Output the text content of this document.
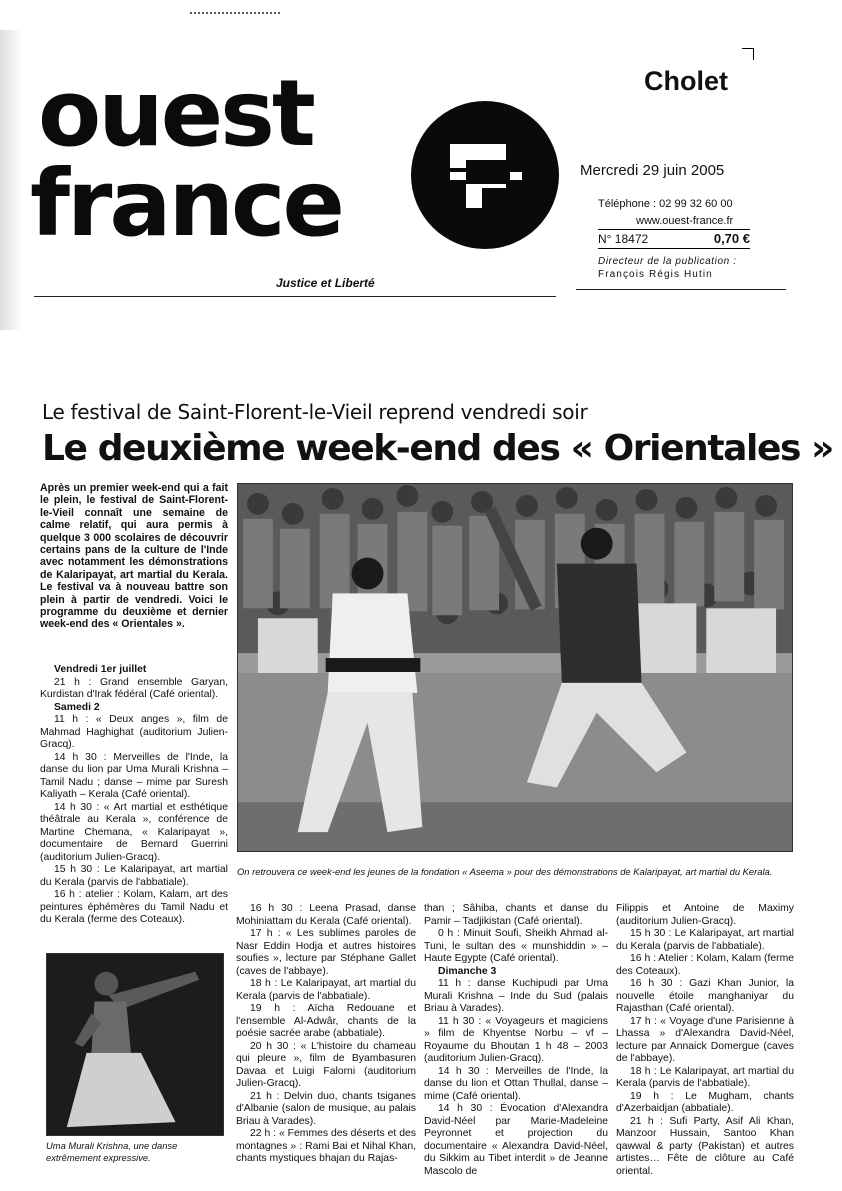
ouest
france
Justice et Liberté
Cholet
Mercredi 29 juin 2005
Téléphone : 02 99 32 60 00
www.ouest-france.fr
N° 18472	0,70 €
Directeur de la publication :
François Régis Hutin
Le festival de Saint-Florent-le-Vieil reprend vendredi soir
Le deuxième week-end des « Orientales »

Après un premier week-end qui a fait le plein, le festival de Saint-Florent-le-Vieil connaît une semaine de calme relatif, qui aura permis à quelque 3 000 scolaires de découvrir certains pans de la culture de l'Inde avec notamment les démonstrations de Kalaripayat, art martial du Kerala. Le festival va à nouveau battre son plein à partir de vendredi. Voici le programme du deuxième et dernier week-end des « Orientales ».

Vendredi 1er juillet
21 h : Grand ensemble Garyan, Kurdistan d'Irak fédéral (Café oriental).
Samedi 2
11 h : « Deux anges », film de Mahmad Haghighat (auditorium Julien-Gracq).
14 h 30 : Merveilles de l'Inde, la danse du lion par Uma Murali Krishna – Tamil Nadu ; danse – mime par Suresh Kaliyath – Kerala (Café oriental).
14 h 30 : « Art martial et esthétique théâtrale au Kerala », conférence de Martine Chemana, « Kalaripayat », documentaire de Bernard Guerrini (auditorium Julien-Gracq).
15 h 30 : Le Kalaripayat, art martial du Kerala (parvis de l'abbatiale).
16 h : atelier : Kolam, Kalam, art des peintures éphémères du Tamil Nadu et du Kerala (ferme des Coteaux).

On retrouvera ce week-end les jeunes de la fondation « Aseema » pour des démonstrations de Kalaripayat, art martial du Kerala.

Uma Murali Krishna, une danse extrêmement expressive.

16 h 30 : Leena Prasad, danse Mohiniattam du Kerala (Café oriental).
17 h : « Les sublimes paroles de Nasr Eddin Hodja et autres histoires soufies », lecture par Stéphane Gallet (caves de l'abbaye).
18 h : Le Kalaripayat, art martial du Kerala (parvis de l'abbatiale).
19 h : Aïcha Redouane et l'ensemble Al-Adwâr, chants de la poésie sacrée arabe (abbatiale).
20 h 30 : « L'histoire du chameau qui pleure », film de Byambasuren Davaa et Luigi Falorni (auditorium Julien-Gracq).
21 h : Delvin duo, chants tsiganes d'Albanie (salon de musique, au palais Briau à Varades).
22 h : « Femmes des déserts et des montagnes » : Rami Bai et Nihal Khan, chants mystiques bhajan du Rajas-
than ; Sâhiba, chants et danse du Pamir – Tadjikistan (Café oriental).
0 h : Minuit Soufi, Sheikh Ahmad al-Tuni, le sultan des « munshiddin » – Haute Egypte (Café oriental).
Dimanche 3
11 h : danse Kuchipudi par Uma Murali Krishna – Inde du Sud (palais Briau à Varades).
11 h 30 : « Voyageurs et magiciens » film de Khyentse Norbu – vf – Royaume du Bhoutan 1 h 48 – 2003 (auditorium Julien-Gracq).
14 h 30 : Merveilles de l'Inde, la danse du lion et Ottan Thullal, danse – mime (Café oriental).
14 h 30 : Évocation d'Alexandra David-Néel par Marie-Madeleine Peyronnet et projection du documentaire « Alexandra David-Néel, du Sikkim au Tibet interdit » de Jeanne Mascolo de
Filippis et Antoine de Maximy (auditorium Julien-Gracq).
15 h 30 : Le Kalaripayat, art martial du Kerala (parvis de l'abbatiale).
16 h : Atelier : Kolam, Kalam (ferme des Coteaux).
16 h 30 : Gazi Khan Junior, la nouvelle étoile manghaniyar du Rajasthan (Café oriental).
17 h : « Voyage d'une Parisienne à Lhassa » d'Alexandra David-Néel, lecture par Annaick Domergue (caves de l'abbaye).
18 h : Le Kalaripayat, art martial du Kerala (parvis de l'abbatiale).
19 h : Le Mugham, chants d'Azerbaidjan (abbatiale).
21 h : Sufi Party, Asif Ali Khan, Manzoor Hussain, Santoo Khan qawwal & party (Pakistan) et autres artistes… Fête de clôture au Café oriental.
